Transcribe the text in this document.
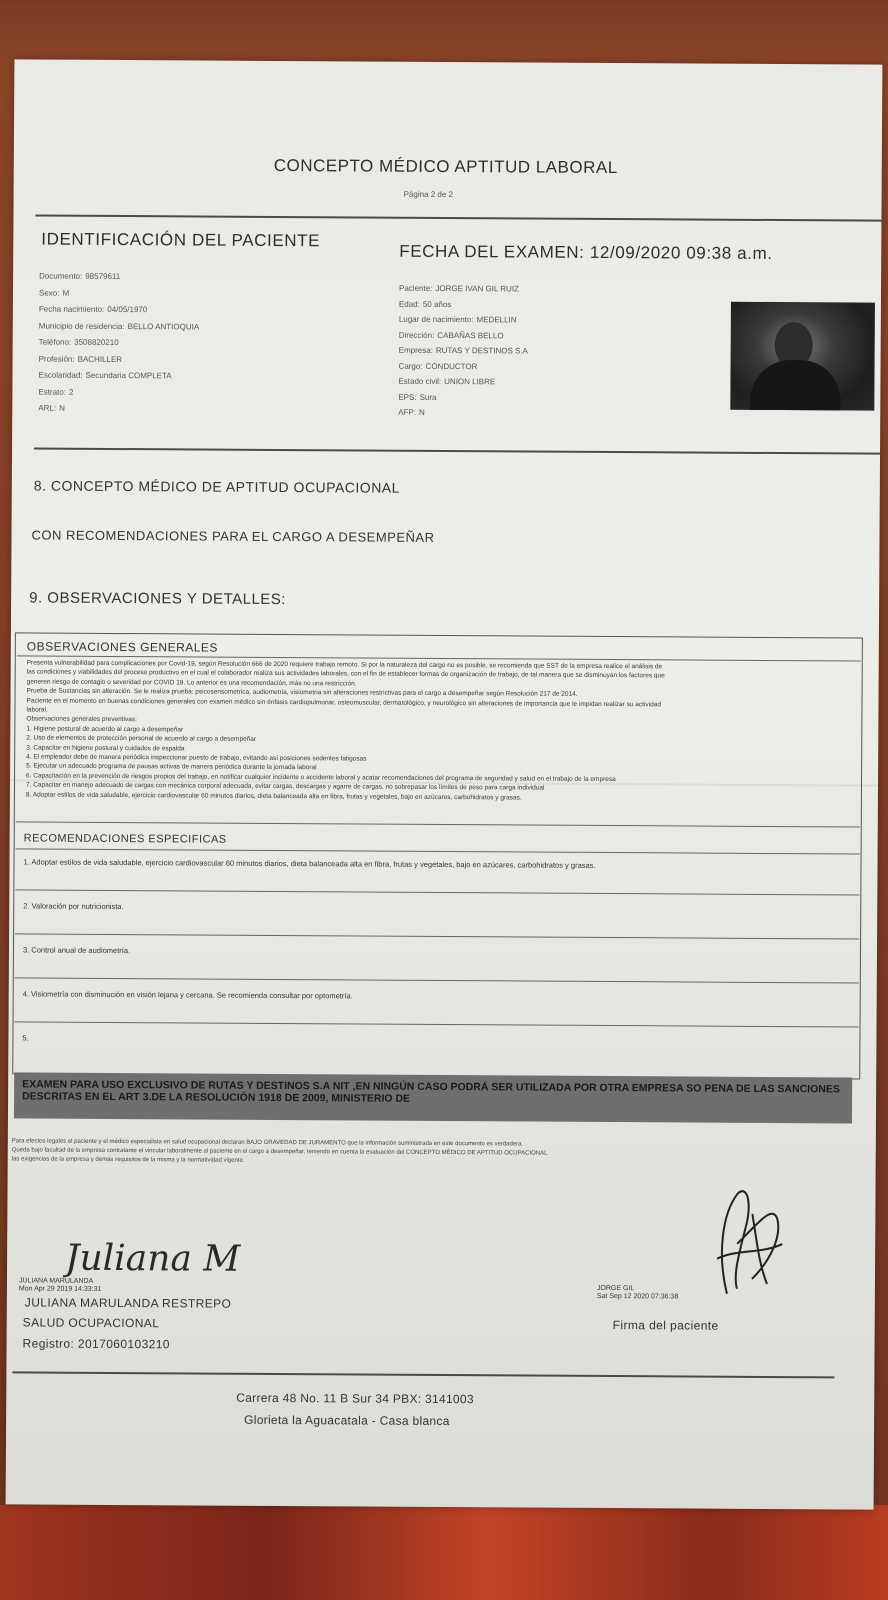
CONCEPTO MÉDICO APTITUD LABORAL
Página 2 de 2
IDENTIFICACIÓN DEL PACIENTE
FECHA DEL EXAMEN: 12/09/2020 09:38 a.m.
Documento: 98579611
Sexo: M
Fecha nacimiento: 04/05/1970
Municipio de residencia: BELLO ANTIOQUIA
Teléfono: 3508820210
Profesión: BACHILLER
Escolaridad: Secundaria COMPLETA
Estrato: 2
ARL: N
Paciente: JORGE IVAN GIL RUIZ
Edad: 50 años
Lugar de nacimiento: MEDELLIN
Dirección: CABAÑAS BELLO
Empresa: RUTAS Y DESTINOS S.A
Cargo: CONDUCTOR
Estado civil: UNION LIBRE
EPS: Sura
AFP: N
8. CONCEPTO MÉDICO DE APTITUD OCUPACIONAL
CON RECOMENDACIONES PARA EL CARGO A DESEMPEÑAR
9. OBSERVACIONES Y DETALLES:
OBSERVACIONES GENERALES
Presenta vulnerabilidad para complicaciones por Covid-19, según Resolución 666 de 2020 requiere trabajo remoto. Si por la naturaleza del cargo no es posible, se recomienda que SST de la empresa realice el análisis de
las condiciones y viabilidades del proceso productivo en el cual el colaborador realiza sus actividades laborales, con el fin de establecer formas de organización de trabajo, de tal manera que se disminuyan los factores que
generen riesgo de contagio o severidad por COVID 19. Lo anterior es una recomendación, más no una restricción.
Prueba de Sustancias sin alteración. Se le realiza prueba: psicosensometrica, audiometria, visiometria sin alteraciones restrictivas para el cargo a desempeñar según Resolución 217 de 2014.
Paciente en el momento en buenas condiciones generales con examen médico sin énfasis cardiopulmonar, osteomuscular, dermatológico, y neurológico sin alteraciones de importancia que le impidan realizar su actividad
laboral.
Observaciones generales preventivas:
1. Higiene postural de acuerdo al cargo a desempeñar
2. Uso de elementos de protección personal de acuerdo al cargo a desempeñar
3. Capacitar en higiene postural y cuidados de espalda
4. El empleador debe de manera periódica inspeccionar puesto de trabajo, evitando así posiciones sedentes fatigosas
5. Ejecutar un adecuado programa de pausas activas de manera periódica durante la jornada laboral
6. Capacitación en la prevención de riesgos propios del trabajo, en notificar cualquier incidente o accidente laboral y acatar recomendaciones del programa de seguridad y salud en el trabajo de la empresa
7. Capacitar en manejo adecuado de cargas con mecánica corporal adecuada, evitar cargas, descargas y agarre de cargas, no sobrepasar los límites de peso para carga individual
8. Adoptar estilos de vida saludable, ejercicio cardiovascular 60 minutos diarios, dieta balanceada alta en fibra, frutas y vegetales, bajo en azúcares, carbohidratos y grasas.
RECOMENDACIONES ESPECIFICAS
1. Adoptar estilos de vida saludable, ejercicio cardiovascular 60 minutos diarios, dieta balanceada alta en fibra, frutas y vegetales, bajo en azúcares, carbohidratos y grasas.
2. Valoración por nutricionista.
3. Control anual de audiometría.
4. Visiometría con disminución en visión lejana y cercana. Se recomienda consultar por optometría.
5.
EXAMEN PARA USO EXCLUSIVO DE RUTAS Y DESTINOS S.A NIT ,EN NINGÚN CASO PODRÁ SER UTILIZADA POR OTRA EMPRESA SO PENA DE LAS SANCIONES DESCRITAS EN EL ART 3.DE LA RESOLUCIÓN 1918 DE 2009, MINISTERIO DE
Para efectos legales el paciente y el médico especialista en salud ocupacional declaran BAJO GRAVEDAD DE JURAMENTO que la información suministrada en este documento es verdadera.
Queda bajo facultad de la empresa contratante el vincular laboralmente al paciente en el cargo a desempeñar, teniendo en cuenta la evaluación del CONCEPTO MÉDICO DE APTITUD OCUPACIONAL
las exigencias de la empresa y demás requisitos de la misma y la normatividad vigente.
Juliana M
JULIANA MARULANDA
Mon Apr 29 2019 14:33:31
JULIANA MARULANDA RESTREPO
SALUD OCUPACIONAL
Registro: 2017060103210
JORGE GIL
Sat Sep 12 2020 07:36:38
Firma del paciente
Carrera 48 No. 11 B Sur 34 PBX: 3141003
Glorieta la Aguacatala - Casa blanca
